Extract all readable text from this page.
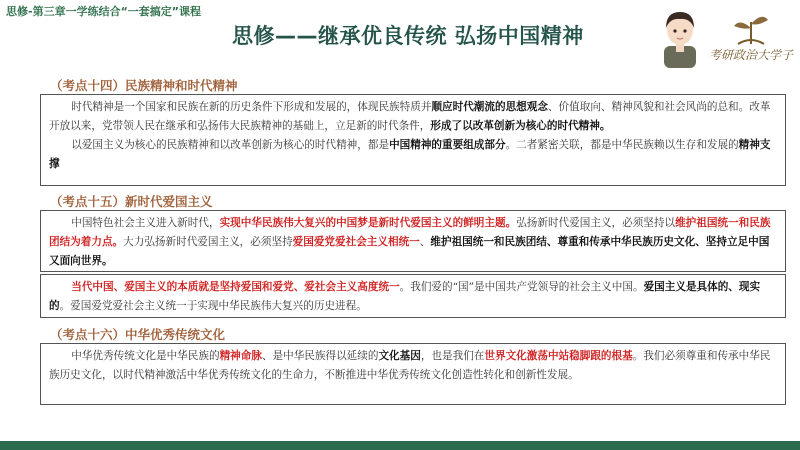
思修-第三章一学练结合“一套搞定”课程
思修——继承优良传统 弘扬中国精神
考研政治大学子
（考点十四）民族精神和时代精神

时代精神是一个国家和民族在新的历史条件下形成和发展的，体现民族特质并顺应时代潮流的思想观念、价值取向、精神风貌和社会风尚的总和。改革开放以来，党带领人民在继承和弘扬伟大民族精神的基础上，立足新的时代条件，形成了以改革创新为核心的时代精神。

以爱国主义为核心的民族精神和以改革创新为核心的时代精神，都是中国精神的重要组成部分。二者紧密关联，都是中华民族赖以生存和发展的精神支撑

（考点十五）新时代爱国主义

中国特色社会主义进入新时代，实现中华民族伟大复兴的中国梦是新时代爱国主义的鲜明主题。弘扬新时代爱国主义，必须坚持以维护祖国统一和民族团结为着力点。大力弘扬新时代爱国主义，必须坚持爱国爱党爱社会主义相统一、维护祖国统一和民族团结、尊重和传承中华民族历史文化、坚持立足中国又面向世界。

当代中国、爱国主义的本质就是坚持爱国和爱党、爱社会主义高度统一。我们爱的“国”是中国共产党领导的社会主义中国。爱国主义是具体的、现实的。爱国爱党爱社会主义统一于实现中华民族伟大复兴的历史进程。

（考点十六）中华优秀传统文化

中华优秀传统文化是中华民族的精神命脉、是中华民族得以延续的文化基因，也是我们在世界文化激荡中站稳脚跟的根基。我们必须尊重和传承中华民族历史文化，以时代精神激活中华优秀传统文化的生命力，不断推进中华优秀传统文化创造性转化和创新性发展。
